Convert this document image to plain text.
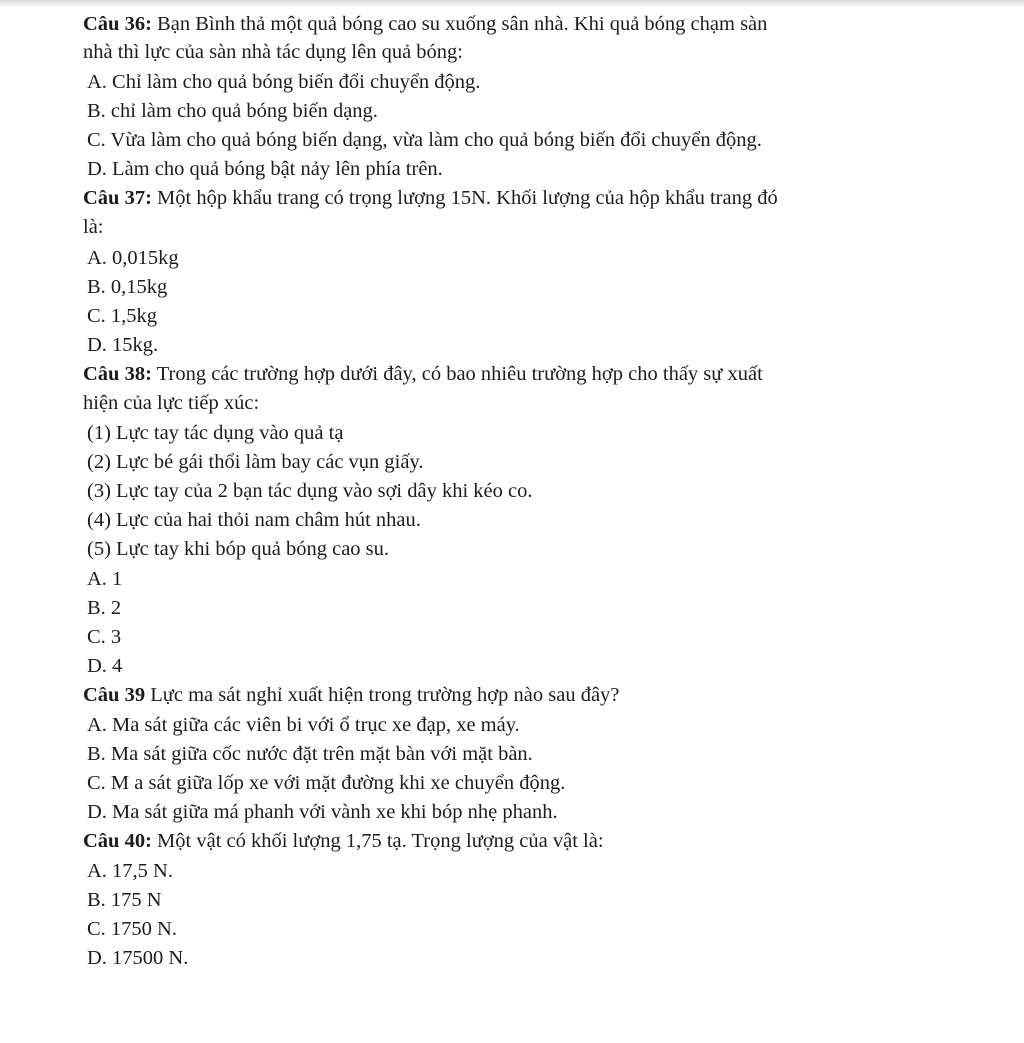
Câu 36: Bạn Bình thả một quả bóng cao su xuống sân nhà. Khi quả bóng chạm sàn
nhà thì lực của sàn nhà tác dụng lên quả bóng:
A. Chỉ làm cho quả bóng biến đổi chuyển động.
B. chỉ làm cho quả bóng biến dạng.
C. Vừa làm cho quả bóng biến dạng, vừa làm cho quả bóng biến đổi chuyển động.
D. Làm cho quả bóng bật nảy lên phía trên.
Câu 37: Một hộp khẩu trang có trọng lượng 15N. Khối lượng của hộp khẩu trang đó
là:
A. 0,015kg
B. 0,15kg
C. 1,5kg
D. 15kg.
Câu 38: Trong các trường hợp dưới đây, có bao nhiêu trường hợp cho thấy sự xuất
hiện của lực tiếp xúc:
(1) Lực tay tác dụng vào quả tạ
(2) Lực bé gái thổi làm bay các vụn giấy.
(3) Lực tay của 2 bạn tác dụng vào sợi dây khi kéo co.
(4) Lực của hai thỏi nam châm hút nhau.
(5) Lực tay khi bóp quả bóng cao su.
A. 1
B. 2
C. 3
D. 4
Câu 39 Lực ma sát nghỉ xuất hiện trong trường hợp nào sau đây?
A. Ma sát giữa các viên bi với ổ trục xe đạp, xe máy.
B. Ma sát giữa cốc nước đặt trên mặt bàn với mặt bàn.
C. M a sát giữa lốp xe với mặt đường khi xe chuyển động.
D. Ma sát giữa má phanh với vành xe khi bóp nhẹ phanh.
Câu 40: Một vật có khối lượng 1,75 tạ. Trọng lượng của vật là:
A. 17,5 N.
B. 175 N
C. 1750 N.
D. 17500 N.
